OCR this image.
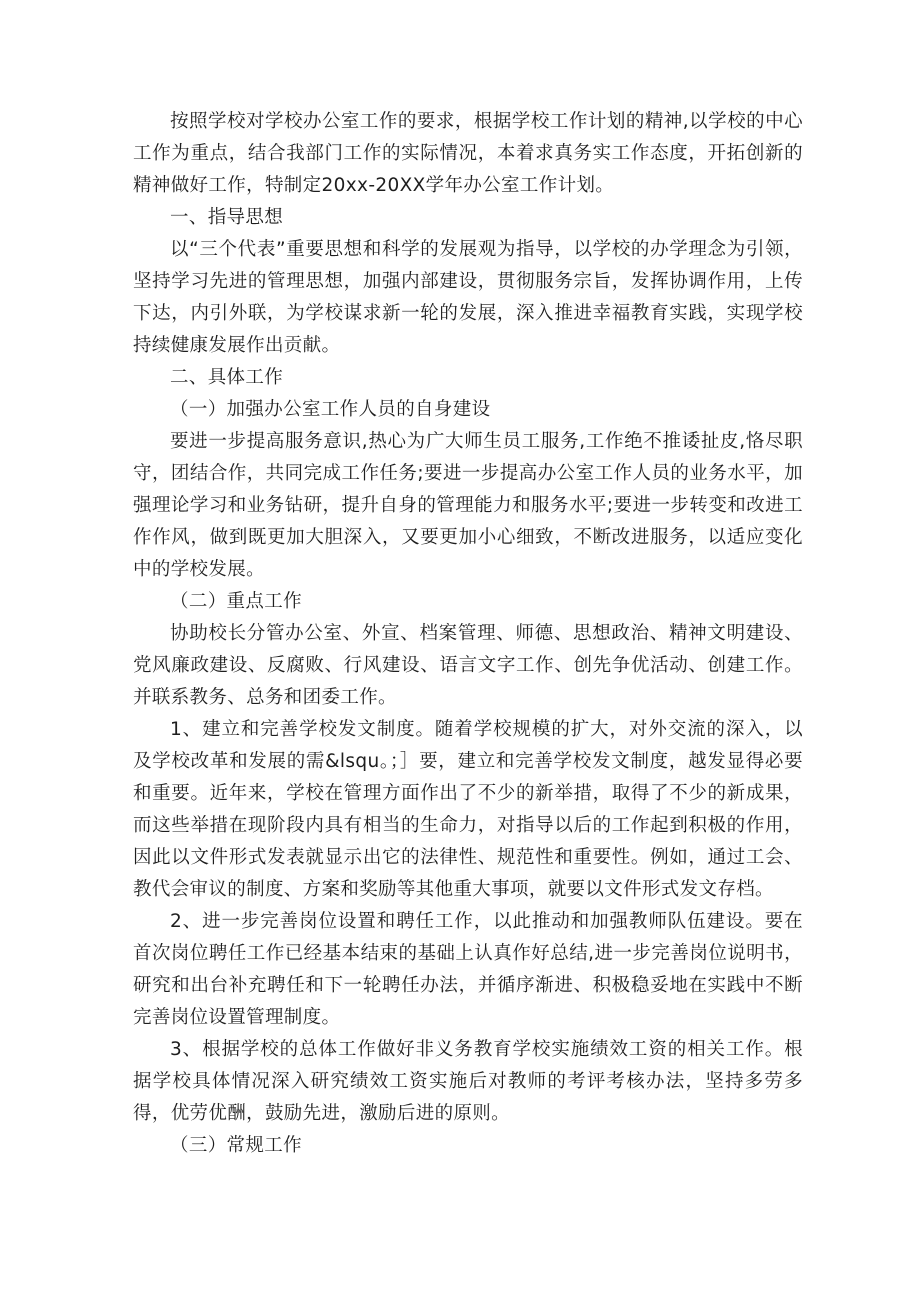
按照学校对学校办公室工作的要求，根据学校工作计划的精神,以学校的中心工作为重点，结合我部门工作的实际情况，本着求真务实工作态度，开拓创新的精神做好工作，特制定20xx-20XX学年办公室工作计划。

一、指导思想

以“三个代表”重要思想和科学的发展观为指导，以学校的办学理念为引领，坚持学习先进的管理思想，加强内部建设，贯彻服务宗旨，发挥协调作用，上传下达，内引外联，为学校谋求新一轮的发展，深入推进幸福教育实践，实现学校持续健康发展作出贡献。

二、具体工作

（一）加强办公室工作人员的自身建设

要进一步提高服务意识,热心为广大师生员工服务,工作绝不推诿扯皮,恪尽职守，团结合作，共同完成工作任务;要进一步提高办公室工作人员的业务水平，加强理论学习和业务钻研，提升自身的管理能力和服务水平;要进一步转变和改进工作作风，做到既更加大胆深入，又要更加小心细致，不断改进服务，以适应变化中的学校发展。

（二）重点工作

协助校长分管办公室、外宣、档案管理、师德、思想政治、精神文明建设、党风廉政建设、反腐败、行风建设、语言文字工作、创先争优活动、创建工作。并联系教务、总务和团委工作。

1、建立和完善学校发文制度。随着学校规模的扩大，对外交流的深入，以及学校改革和发展的需&lsqu。；］要，建立和完善学校发文制度，越发显得必要和重要。近年来，学校在管理方面作出了不少的新举措，取得了不少的新成果，而这些举措在现阶段内具有相当的生命力，对指导以后的工作起到积极的作用，因此以文件形式发表就显示出它的法律性、规范性和重要性。例如，通过工会、教代会审议的制度、方案和奖励等其他重大事项，就要以文件形式发文存档。

2、进一步完善岗位设置和聘任工作，以此推动和加强教师队伍建设。要在首次岗位聘任工作已经基本结束的基础上认真作好总结,进一步完善岗位说明书，研究和出台补充聘任和下一轮聘任办法，并循序渐进、积极稳妥地在实践中不断完善岗位设置管理制度。

3、根据学校的总体工作做好非义务教育学校实施绩效工资的相关工作。根据学校具体情况深入研究绩效工资实施后对教师的考评考核办法，坚持多劳多得，优劳优酬，鼓励先进，激励后进的原则。

（三）常规工作
